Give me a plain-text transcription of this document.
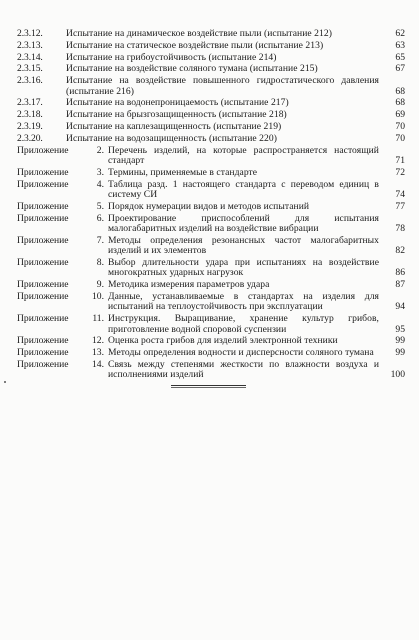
2.3.12.	Испытание на динамическое воздействие пыли (испытание 212)	62
2.3.13.	Испытание на статическое воздействие пыли (испытание 213)	63
2.3.14.	Испытание на грибоустойчивость (испытание 214)	65
2.3.15.	Испытание на воздействие соляного тумана (испытание 215)	67
2.3.16.	Испытание на воздействие повышенного гидростатического давления (испытание 216)	68
2.3.17.	Испытание на водонепроницаемость (испытание 217)	68
2.3.18.	Испытание на брызгозащищенность (испытание 218)	69
2.3.19.	Испытание на каплезащищенность (испытание 219)	70
2.3.20.	Испытание на водозащищенность (испытание 220)	70
Приложение	2. Перечень изделий, на которые распространяется настоящий стандарт	71
Приложение	3. Термины, применяемые в стандарте	72
Приложение	4. Таблица разд. 1 настоящего стандарта с переводом единиц в систему СИ	74
Приложение	5. Порядок нумерации видов и методов испытаний	77
Приложение	6. Проектирование приспособлений для испытания малогабаритных изделий на воздействие вибрации	78
Приложение	7. Методы определения резонансных частот малогабаритных изделий и их элементов	82
Приложение	8. Выбор длительности удара при испытаниях на воздействие многократных ударных нагрузок	86
Приложение	9. Методика измерения параметров удара	87
Приложение	10. Данные, устанавливаемые в стандартах на изделия для испытаний на теплоустойчивость при эксплуатации	94
Приложение	11. Инструкция. Выращивание, хранение культур грибов, приготовление водной споровой суспензии	95
Приложение	12. Оценка роста грибов для изделий электронной техники	99
Приложение	13. Методы определения водности и дисперсности соляного тумана	99
Приложение	14. Связь между степенями жесткости по влажности воздуха и исполнениями изделий	100
